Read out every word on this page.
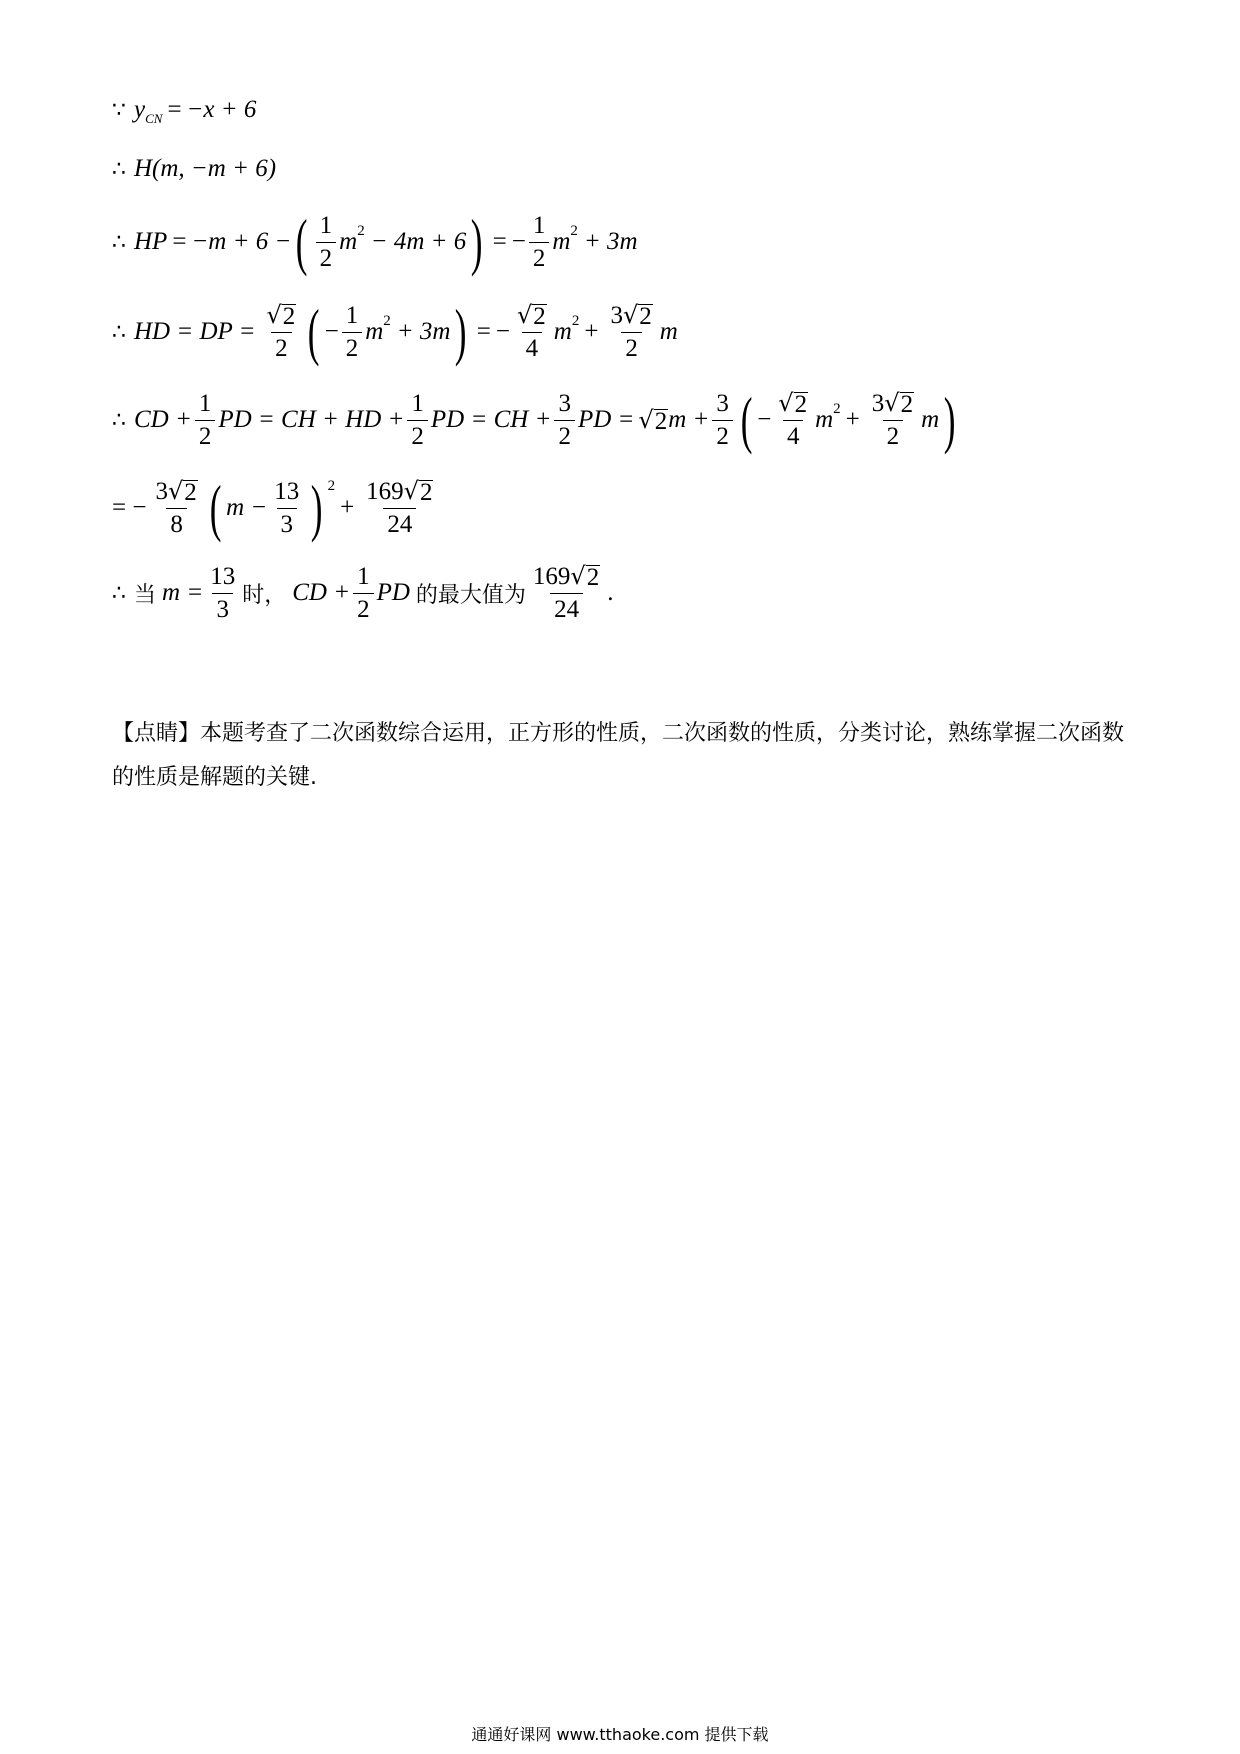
∵ y CN = −x + 6
∴ H(m, −m + 6)
∴ HP = −m + 6 − ( $\frac{1}{2}$ m 2 − 4m + 6 ) = − $\frac{1}{2}$ m 2 + 3m
∴ HD = DP = $\frac{√ 2}{2}$ ( − $\frac{1}{2}$ m 2 + 3m ) = − $\frac{√ 2}{4}$ m $2 + \frac{3 √ 2}{2}$ m
∴ CD + $\frac{1}{2}$ PD = CH + HD + $\frac{1}{2}$ PD = CH + $\frac{3}{2}$ PD = √ 2 $m + \frac{3}{2}$ ( − $\frac{√ 2}{4}$ m $2 + \frac{3 √ 2}{2}$ m )
= − $\frac{3 √ 2}{8}$ ( $m - \frac{13}{3}$ ) 2
+ $\frac{169 √ 2}{24}$
∴ 当 $m = \frac{13}{3}$ 时， CD + $\frac{1}{2}$ PD 的最大值为 $\frac{169 √ 2}{24}$ .
【点睛】本题考查了二次函数综合运用，正方形的性质，二次函数的性质，分类讨论，熟练掌握二次函数的性质是解题的关键.
通通好课网 www.tthaoke.com 提供下载
